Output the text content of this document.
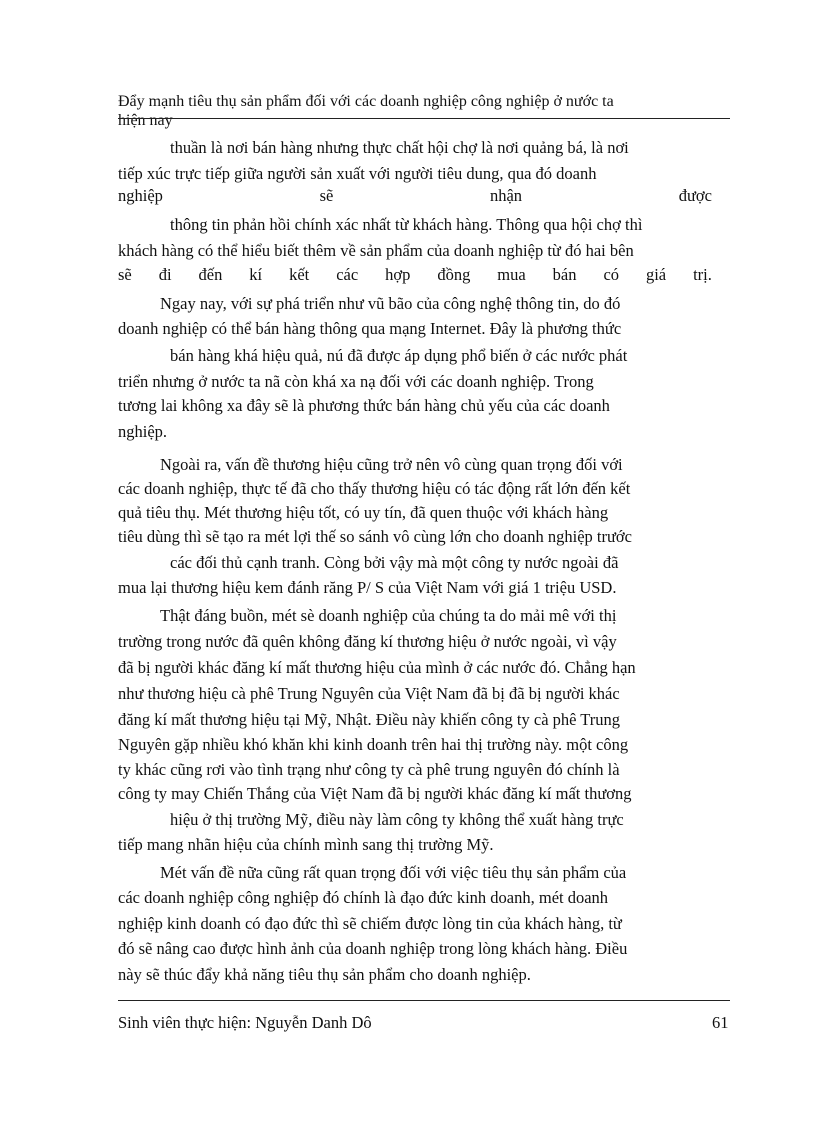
Đẩy mạnh tiêu thụ sản phẩm đối với các doanh nghiệp công nghiệp ở nước ta
hiện nay
thuần là nơi bán hàng nhưng thực chất hội chợ là nơi quảng bá, là nơi
tiếp xúc trực tiếp giữa người sản xuất với người tiêu dung, qua đó doanh
nghiệp	sẽ	nhận	được
thông tin phản hồi chính xác nhất từ khách hàng. Thông qua hội chợ thì
khách hàng có thể hiểu biết thêm về sản phẩm của doanh nghiệp từ đó hai bên
sẽ đi đến kí kết các hợp đồng mua bán có giá trị.
Ngay nay, với sự phá triển như vũ bão của công nghệ thông tin, do đó
doanh nghiệp có thể bán hàng thông qua mạng Internet. Đây là phương thức
bán hàng khá hiệu quả, nú đã được áp dụng phổ biến ở các nước phát
triển nhưng ở nước ta nã còn khá xa nạ đối với các doanh nghiệp. Trong
tương lai không xa đây sẽ là phương thức bán hàng chủ yếu của các doanh
nghiệp.
Ngoài ra, vấn đề thương hiệu cũng trở nên vô cùng quan trọng đối với
các doanh nghiệp, thực tế đã cho thấy thương hiệu có tác động rất lớn đến kết
quả tiêu thụ. Mét thương hiệu tốt, có uy tín, đã quen thuộc với khách hàng
tiêu dùng thì sẽ tạo ra mét lợi thế so sánh vô cùng lớn cho doanh nghiệp trước
các đối thủ cạnh tranh. Còng bởi vậy mà một công ty nước ngoài đã
mua lại thương hiệu kem đánh răng P/ S của Việt Nam với giá 1 triệu USD.
Thật đáng buồn, mét sè doanh nghiệp của chúng ta do mải mê với thị
trường trong nước đã quên không đăng kí thương hiệu ở nước ngoài, vì vậy
đã bị người khác đăng kí mất thương hiệu của mình ở các nước đó. Chẳng hạn
như thương hiệu cà phê Trung Nguyên của Việt Nam đã bị đã bị người khác
đăng kí mất thương hiệu tại Mỹ, Nhật. Điều này khiến công ty cà phê Trung
Nguyên gặp nhiều khó khăn khi kinh doanh trên hai thị trường này. một công
ty khác cũng rơi vào tình trạng như công ty cà phê trung nguyên đó chính là
công ty may Chiến Thắng của Việt Nam đã bị người khác đăng kí mất thương
hiệu ở thị trường Mỹ, điều này làm công ty không thể xuất hàng trực
tiếp mang nhãn hiệu của chính mình sang thị trường Mỹ.
Mét vấn đề nữa cũng rất quan trọng đối với việc tiêu thụ sản phẩm của
các doanh nghiệp công nghiệp đó chính là đạo đức kinh doanh, mét doanh
nghiệp kinh doanh có đạo đức thì sẽ chiếm được lòng tin của khách hàng, từ
đó sẽ nâng cao được hình ảnh của doanh nghiệp trong lòng khách hàng. Điều
này sẽ thúc đẩy khả năng tiêu thụ sản phẩm cho doanh nghiệp.
Sinh viên thực hiện: Nguyễn Danh Dô	61
